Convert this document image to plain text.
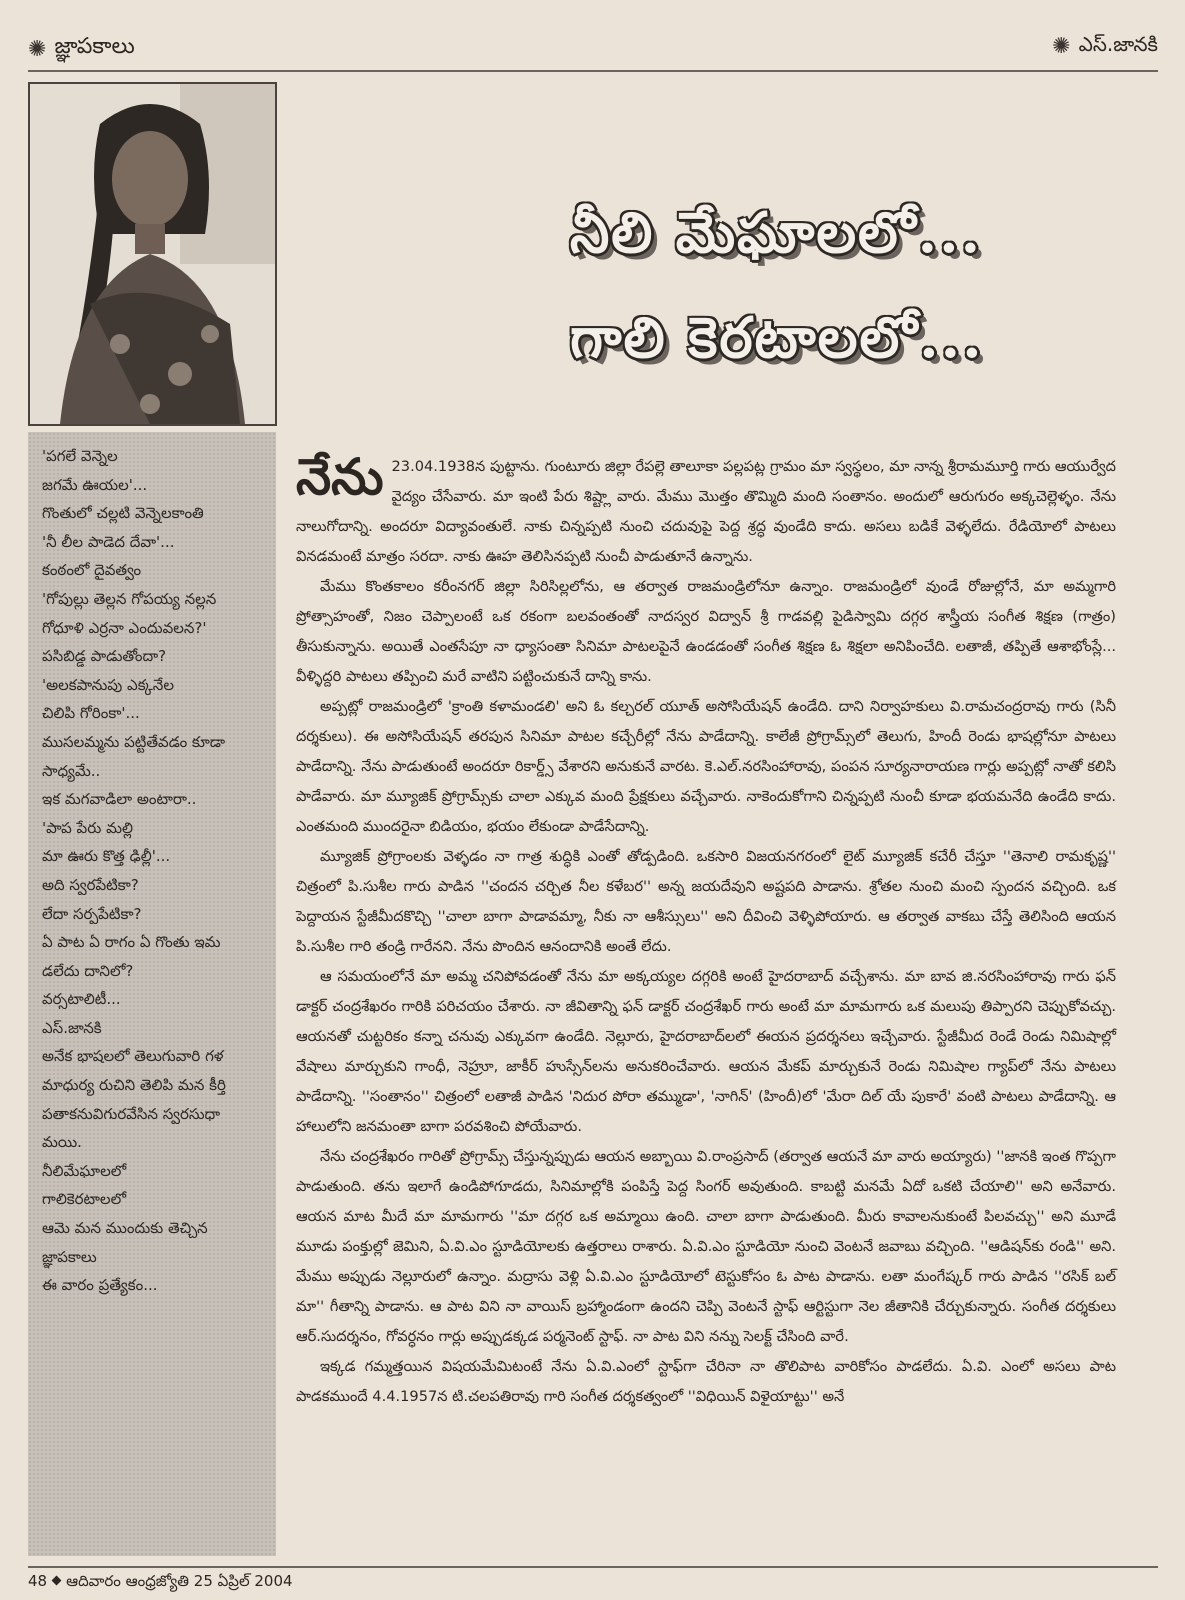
✺ జ్ఞాపకాలు	✺ ఎస్.జానకి
'పగలే వెన్నెల
జగమే ఊయల'...
గొంతులో చల్లటి వెన్నెలకాంతి
'నీ లీల పాడెద దేవా'...
కంఠంలో దైవత్వం
'గోపుల్లు తెల్లన గోపయ్య నల్లన
గోధూళి ఎర్రనా ఎందువలన?'
పసిబిడ్డ పాడుతోందా?
'అలకపానుపు ఎక్కనేల
చిలిపి గోరింకా'...
ముసలమ్మను పట్టితేవడం కూడా
సాధ్యమే..
ఇక మగవాడిలా అంటారా..
'పాప పేరు మల్లి
మా ఊరు కొత్త ఢిల్లీ'...
అది స్వరపేటికా?
లేదా సర్పపేటికా?
ఏ పాట ఏ రాగం ఏ గొంతు ఇమ
డలేదు దానిలో?
వర్సటాలిటీ...
ఎస్.జానకి
అనేక భాషలలో తెలుగువారి గళ
మాధుర్య రుచిని తెలిపి మన కీర్తి
పతాకనువిగురవేసిన స్వరసుధా
మయి.
నీలిమేఘాలలో
గాలికెరటాలలో
ఆమె మన ముందుకు తెచ్చిన
జ్ఞాపకాలు
ఈ వారం ప్రత్యేకం...
నీలి మేఘాలలో...
గాలి కెరటాలలో...

నేను 23.04.1938న పుట్టాను. గుంటూరు జిల్లా రేపల్లె తాలూకా పల్లపట్ల గ్రామం మా స్వస్థలం, మా నాన్న శ్రీరామమూర్తి గారు ఆయుర్వేద వైద్యం చేసేవారు. మా ఇంటి పేరు శిష్ట్లా వారు. మేము మొత్తం తొమ్మిది మంది సంతానం. అందులో ఆరుగురం అక్కచెల్లెళ్ళం. నేను నాలుగోదాన్ని. అందరూ విద్యావంతులే. నాకు చిన్నప్పటి నుంచి చదువుపై పెద్ద శ్రద్ధ వుండేది కాదు. అసలు బడికే వెళ్ళలేదు. రేడియోలో పాటలు వినడమంటే మాత్రం సరదా. నాకు ఊహ తెలిసినప్పటి నుంచీ పాడుతూనే ఉన్నాను.

మేము కొంతకాలం కరీంనగర్ జిల్లా సిరిసిల్లలోను, ఆ తర్వాత రాజమండ్రిలోనూ ఉన్నాం. రాజమండ్రిలో వుండే రోజుల్లోనే, మా అమ్మగారి ప్రోత్సాహంతో, నిజం చెప్పాలంటే ఒక రకంగా బలవంతంతో నాదస్వర విద్వాన్ శ్రీ గాడవల్లి పైడిస్వామి దగ్గర శాస్త్రీయ సంగీత శిక్షణ (గాత్రం) తీసుకున్నాను. అయితే ఎంతసేపూ నా ధ్యాసంతా సినిమా పాటలపైనే ఉండడంతో సంగీత శిక్షణ ఓ శిక్షలా అనిపించేది. లతాజీ, తప్పితే ఆశాభోంస్లే... వీళ్ళిద్దరి పాటలు తప్పించి మరే వాటిని పట్టించుకునే దాన్ని కాను.

అప్పట్లో రాజమండ్రిలో 'క్రాంతి కళామండలి' అని ఓ కల్చరల్ యూత్ అసోసియేషన్ ఉండేది. దాని నిర్వాహకులు వి.రామచంద్రరావు గారు (సినీ దర్శకులు). ఈ అసోసియేషన్ తరపున సినిమా పాటల కచ్చేరీల్లో నేను పాడేదాన్ని. కాలేజీ ప్రోగ్రామ్స్‌లో తెలుగు, హిందీ రెండు భాషల్లోనూ పాటలు పాడేదాన్ని. నేను పాడుతుంటే అందరూ రికార్డ్స్ వేశారని అనుకునే వారట. కె.ఎల్.నరసింహారావు, పంపన సూర్యనారాయణ గార్లు అప్పట్లో నాతో కలిసి పాడేవారు. మా మ్యూజిక్ ప్రోగ్రామ్స్‌కు చాలా ఎక్కువ మంది ప్రేక్షకులు వచ్చేవారు. నాకెందుకోగాని చిన్నప్పటి నుంచీ కూడా భయమనేది ఉండేది కాదు. ఎంతమంది ముందరైనా బిడియం, భయం లేకుండా పాడేసేదాన్ని.

మ్యూజిక్ ప్రోగ్రాంలకు వెళ్ళడం నా గాత్ర శుద్ధికి ఎంతో తోడ్పడింది. ఒకసారి విజయనగరంలో లైట్ మ్యూజిక్ కచేరీ చేస్తూ ''తెనాలి రామకృష్ణ'' చిత్రంలో పి.సుశీల గారు పాడిన ''చందన చర్చిత నీల కళేబర'' అన్న జయదేవుని అష్టపది పాడాను. శ్రోతల నుంచి మంచి స్పందన వచ్చింది. ఒక పెద్దాయన స్టేజీమీదకొచ్చి ''చాలా బాగా పాడావమ్మా, నీకు నా ఆశీస్సులు'' అని దీవించి వెళ్ళిపోయారు. ఆ తర్వాత వాకబు చేస్తే తెలిసింది ఆయన పి.సుశీల గారి తండ్రి గారేనని. నేను పొందిన ఆనందానికి అంతే లేదు.

ఆ సమయంలోనే మా అమ్మ చనిపోవడంతో నేను మా అక్కయ్యల దగ్గరికి అంటే హైదరాబాద్ వచ్చేశాను. మా బావ జి.నరసింహారావు గారు ఫన్ డాక్టర్ చంద్రశేఖరం గారికి పరిచయం చేశారు. నా జీవితాన్ని ఫన్ డాక్టర్ చంద్రశేఖర్ గారు అంటే మా మామగారు ఒక మలుపు తిప్పారని చెప్పుకోవచ్చు. ఆయనతో చుట్టరికం కన్నా చనువు ఎక్కువగా ఉండేది. నెల్లూరు, హైదరాబాద్‌లలో ఈయన ప్రదర్శనలు ఇచ్చేవారు. స్టేజీమీద రెండే రెండు నిమిషాల్లో వేషాలు మార్చుకుని గాంధీ, నెహ్రూ, జాకీర్ హుస్సేన్‌లను అనుకరించేవారు. ఆయన మేకప్ మార్చుకునే రెండు నిమిషాల గ్యాప్‌లో నేను పాటలు పాడేదాన్ని. ''సంతానం'' చిత్రంలో లతాజీ పాడిన 'నిదుర పోరా తమ్ముడా', 'నాగిన్' (హిందీ)లో 'మేరా దిల్ యే పుకారే' వంటి పాటలు పాడేదాన్ని. ఆ హాలులోని జనమంతా బాగా పరవశించి పోయేవారు.

నేను చంద్రశేఖరం గారితో ప్రోగ్రామ్స్ చేస్తున్నప్పుడు ఆయన అబ్బాయి వి.రాంప్రసాద్ (తర్వాత ఆయనే మా వారు అయ్యారు) ''జానకి ఇంత గొప్పగా పాడుతుంది. తను ఇలాగే ఉండిపోగూడదు, సినిమాల్లోకి పంపిస్తే పెద్ద సింగర్ అవుతుంది. కాబట్టి మనమే ఏదో ఒకటి చేయాలి'' అని అనేవారు. ఆయన మాట మీదే మా మామగారు ''మా దగ్గర ఒక అమ్మాయి ఉంది. చాలా బాగా పాడుతుంది. మీరు కావాలనుకుంటే పిలవచ్చు'' అని మూడే మూడు పంక్తుల్లో జెమిని, ఏ.వి.ఎం స్టూడియోలకు ఉత్తరాలు రాశారు. ఏ.వి.ఎం స్టూడియో నుంచి వెంటనే జవాబు వచ్చింది. ''ఆడిషన్‌కు రండి'' అని. మేము అప్పుడు నెల్లూరులో ఉన్నాం. మద్రాసు వెళ్లి ఏ.వి.ఎం స్టూడియోలో టెస్టుకోసం ఓ పాట పాడాను. లతా మంగేష్కర్ గారు పాడిన ''రసిక్ బల్ మా'' గీతాన్ని పాడాను. ఆ పాట విని నా వాయిస్ బ్రహ్మాండంగా ఉందని చెప్పి వెంటనే స్టాఫ్ ఆర్టిస్టుగా నెల జీతానికి చేర్చుకున్నారు. సంగీత దర్శకులు ఆర్.సుదర్శనం, గోవర్ధనం గార్లు అప్పుడక్కడ పర్మనెంట్ స్టాఫ్. నా పాట విని నన్ను సెలక్ట్ చేసింది వారే.

ఇక్కడ గమ్మత్తయిన విషయమేమిటంటే నేను ఏ.వి.ఎంలో స్టాఫ్‌గా చేరినా నా తొలిపాట వారికోసం పాడలేదు. ఏ.వి. ఎంలో అసలు పాట పాడకముందే 4.4.1957న టి.చలపతిరావు గారి సంగీత దర్శకత్వంలో ''విధియిన్ విళైయాట్టు'' అనే

48 ఆదివారం ఆంధ్రజ్యోతి 25 ఏప్రిల్ 2004
